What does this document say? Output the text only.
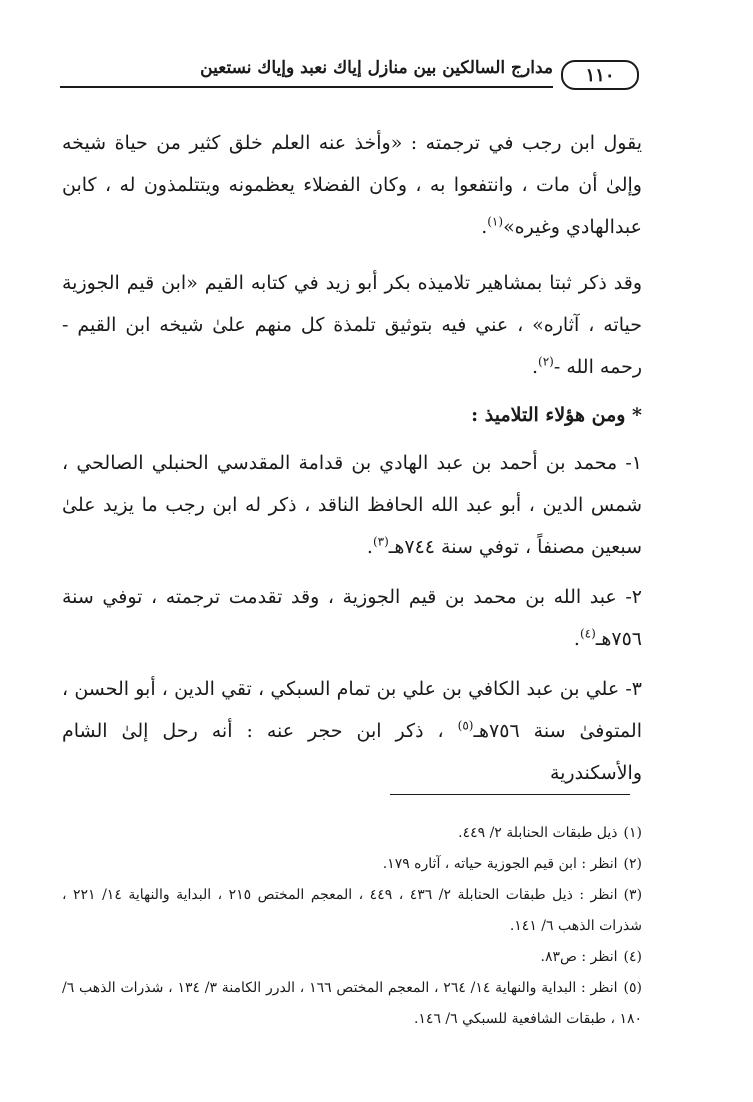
مدارج السالكين بين منازل إياك نعبد وإياك نستعين	١١٠

يقول ابن رجب في ترجمته : «وأخذ عنه العلم خلق كثير من حياة شيخه وإلىٰ أن مات ، وانتفعوا به ، وكان الفضلاء يعظمونه ويتتلمذون له ، كابن عبدالهادي وغيره»$^{(١)}$.

وقد ذكر ثبتا بمشاهير تلاميذه بكر أبو زيد في كتابه القيم «ابن قيم الجوزية حياته ، آثاره» ، عني فيه بتوثيق تلمذة كل منهم علىٰ شيخه ابن القيم - رحمه الله -$^{(٢)}$.

* ومن هؤلاء التلاميذ :

١- محمد بن أحمد بن عبد الهادي بن قدامة المقدسي الحنبلي الصالحي ، شمس الدين ، أبو عبد الله الحافظ الناقد ، ذكر له ابن رجب ما يزيد علىٰ سبعين مصنفاً ، توفي سنة ٧٤٤هـ$^{(٣)}$.

٢- عبد الله بن محمد بن قيم الجوزية ، وقد تقدمت ترجمته ، توفي سنة ٧٥٦هـ$^{(٤)}$.

٣- علي بن عبد الكافي بن علي بن تمام السبكي ، تقي الدين ، أبو الحسن ، المتوفىٰ سنة ٧٥٦هـ$^{(٥)}$ ، ذكر ابن حجر عنه : أنه رحل إلىٰ الشام والأسكندرية

(١)ذيل طبقات الحنابلة ٢/ ٤٤٩.

(٢)انظر : ابن قيم الجوزية حياته ، آثاره ١٧٩.

(٣)انظر : ذيل طبقات الحنابلة ٢/ ٤٣٦ ، ٤٤٩ ، المعجم المختص ٢١٥ ، البداية والنهاية ١٤/ ٢٢١ ، شذرات الذهب ٦/ ١٤١.

(٤)انظر : ص٨٣.

(٥)انظر : البداية والنهاية ١٤/ ٢٦٤ ، المعجم المختص ١٦٦ ، الدرر الكامنة ٣/ ١٣٤ ، شذرات الذهب ٦/ ١٨٠ ، طبقات الشافعية للسبكي ٦/ ١٤٦.
